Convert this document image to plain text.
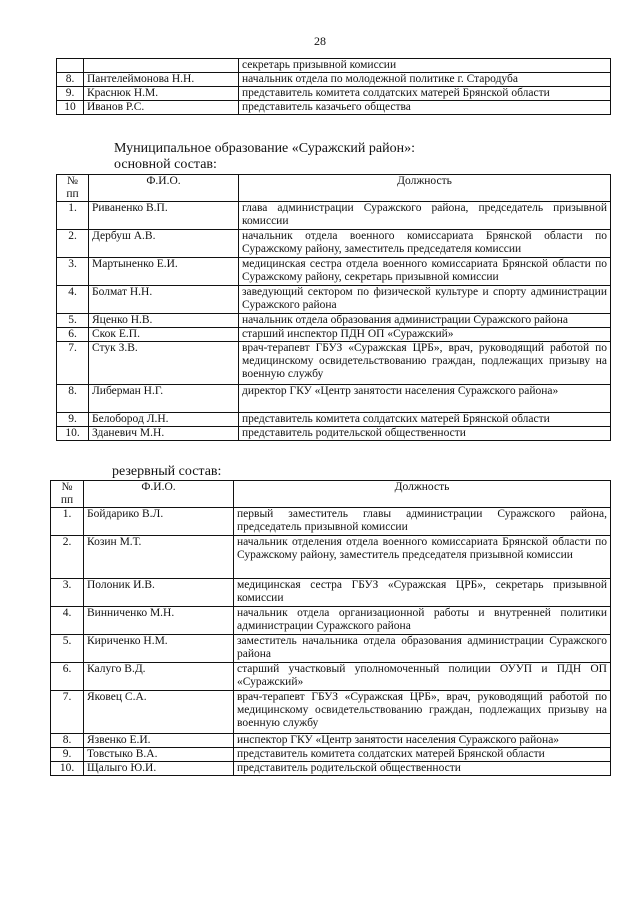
28
		секретарь призывной комиссии
8.	Пантелеймонова Н.Н.	начальник отдела по молодежной политике г. Стародуба
9.	Краснюк Н.М.	представитель комитета солдатских матерей Брянской области
10	Иванов Р.С.	представитель казачьего общества
Муниципальное образование «Суражский район»:
основной состав:
№ пп	Ф.И.О.	Должность
1.	Риваненко В.П.	глава администрации Суражского района, председатель призывной комиссии
2.	Дербуш А.В.	начальник отдела военного комиссариата Брянской области по Суражскому району, заместитель председателя комиссии
3.	Мартыненко Е.И.	медицинская сестра отдела военного комиссариата Брянской области по Суражскому району, секретарь призывной комиссии
4.	Болмат Н.Н.	заведующий сектором по физической культуре и спорту администрации Суражского района
5.	Яценко Н.В.	начальник отдела образования администрации Суражского района
6.	Скок Е.П.	старший инспектор ПДН ОП «Суражский»
7.	Стук З.В.	врач-терапевт ГБУЗ «Суражская ЦРБ», врач, руководящий работой по медицинскому освидетельствованию граждан, подлежащих призыву на военную службу
8.	Либерман Н.Г.	директор ГКУ «Центр занятости населения Суражского района»
9.	Белобород Л.Н.	представитель комитета солдатских матерей Брянской области
10.	Зданевич М.Н.	представитель родительской общественности
резервный состав:
№ пп	Ф.И.О.	Должность
1.	Бойдарико В.Л.	первый заместитель главы администрации Суражского района, председатель призывной комиссии
2.	Козин М.Т.	начальник отделения отдела военного комиссариата Брянской области по Суражскому району, заместитель председателя призывной комиссии
3.	Полоник И.В.	медицинская сестра ГБУЗ «Суражская ЦРБ», секретарь призывной комиссии
4.	Винниченко М.Н.	начальник отдела организационной работы и внутренней политики администрации Суражского района
5.	Кириченко Н.М.	заместитель начальника отдела образования администрации Суражского района
6.	Калуго В.Д.	старший участковый уполномоченный полиции ОУУП и ПДН ОП «Суражский»
7.	Яковец С.А.	врач-терапевт ГБУЗ «Суражская ЦРБ», врач, руководящий работой по медицинскому освидетельствованию граждан, подлежащих призыву на военную службу
8.	Язвенко Е.И.	инспектор ГКУ «Центр занятости населения Суражского района»
9.	Товстыко В.А.	представитель комитета солдатских матерей Брянской области
10.	Щалыго Ю.И.	представитель родительской общественности
